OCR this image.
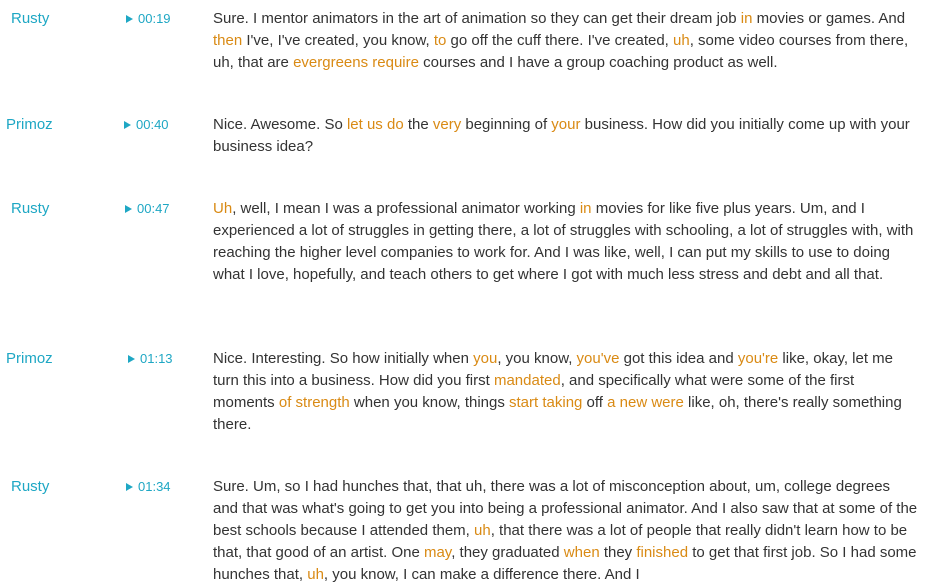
Rusty	00:19	Sure. I mentor animators in the art of animation so they can get their dream job in movies or games. And then I've, I've created, you know, to go off the cuff there. I've created, uh, some video courses from there, uh, that are evergreens require courses and I have a group coaching product as well.

Primoz	00:40	Nice. Awesome. So let us do the very beginning of your business. How did you initially come up with your business idea?

Rusty	00:47	Uh, well, I mean I was a professional animator working in movies for like five plus years. Um, and I experienced a lot of struggles in getting there, a lot of struggles with schooling, a lot of struggles with, with reaching the higher level companies to work for. And I was like, well, I can put my skills to use to doing what I love, hopefully, and teach others to get where I got with much less stress and debt and all that.

Primoz	01:13	Nice. Interesting. So how initially when you, you know, you've got this idea and you're like, okay, let me turn this into a business. How did you first mandated, and specifically what were some of the first moments of strength when you know, things start taking off a new were like, oh, there's really something there.

Rusty	01:34	Sure. Um, so I had hunches that, that uh, there was a lot of misconception about, um, college degrees and that was what's going to get you into being a professional animator. And I also saw that at some of the best schools because I attended them, uh, that there was a lot of people that really didn't learn how to be that, that good of an artist. One may, they graduated when they finished to get that first job. So I had some hunches that, uh, you know, I can make a difference there. And I
